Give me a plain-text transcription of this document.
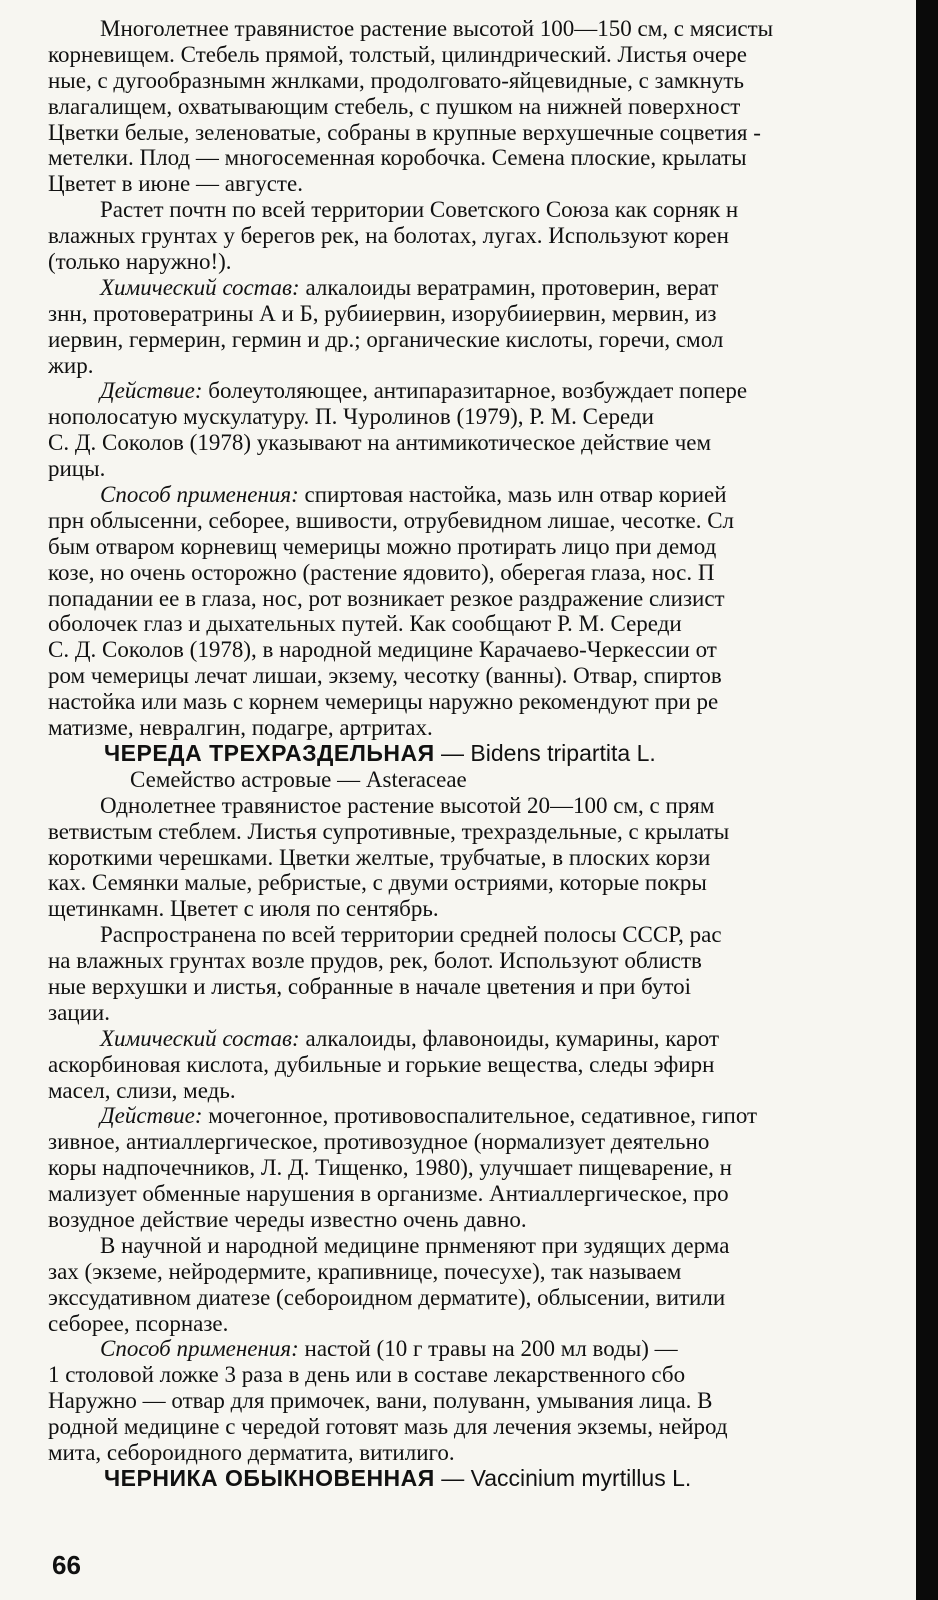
Многолетнее травянистое растение высотой 100—150 см, с мясисты
корневищем. Стебель прямой, толстый, цилиндрический. Листья очере
ные, с дугообразнымн жнлками, продолговато-яйцевидные, с замкнуть
влагалищем, охватывающим стебель, с пушком на нижней поверхност
Цветки белые, зеленоватые, собраны в крупные верхушечные соцветия -
метелки. Плод — многосеменная коробочка. Семена плоские, крылаты
Цветет в июне — августе.
Растет почтн по всей территории Советского Союза как сорняк н
влажных грунтах у берегов рек, на болотах, лугах. Используют корен
(только наружно!).
Химический состав: алкалоиды вератрамин, протоверин, верат
знн, протовератрины А и Б, рубииервин, изорубииервин, мервин, из
иервин, гермерин, гермин и др.; органические кислоты, горечи, смол
жир.
Действие: болеутоляющее, антипаразитарное, возбуждает попере
нополосатую мускулатуру. П. Чуролинов (1979), Р. М. Середи
С. Д. Соколов (1978) указывают на антимикотическое действие чем
рицы.
Способ применения: спиртовая настойка, мазь илн отвар корией
прн облысенни, себорее, вшивости, отрубевидном лишае, чесотке. Сл
бым отваром корневищ чемерицы можно протирать лицо при демод
козе, но очень осторожно (растение ядовито), оберегая глаза, нос. П
попадании ее в глаза, нос, рот возникает резкое раздражение слизист
оболочек глаз и дыхательных путей. Как сообщают Р. М. Середи
С. Д. Соколов (1978), в народной медицине Карачаево-Черкессии от
ром чемерицы лечат лишаи, экзему, чесотку (ванны). Отвар, спиртов
настойка или мазь с корнем чемерицы наружно рекомендуют при ре
матизме, невралгин, подагре, артритах.
ЧЕРЕДА ТРЕХРАЗДЕЛЬНАЯ — Bidens tripartita L.
Семейство астровые — Asteraceae
Однолетнее травянистое растение высотой 20—100 см, с прям
ветвистым стеблем. Листья супротивные, трехраздельные, с крылаты
короткими черешками. Цветки желтые, трубчатые, в плоских корзи
ках. Семянки малые, ребристые, с двуми остриями, которые покры
щетинкамн. Цветет с июля по сентябрь.
Распространена по всей территории средней полосы СССР, рас
на влажных грунтах возле прудов, рек, болот. Используют облиств
ные верхушки и листья, собранные в начале цветения и при бутоі
зации.
Химический состав: алкалоиды, флавоноиды, кумарины, карот
аскорбиновая кислота, дубильные и горькие вещества, следы эфирн
масел, слизи, медь.
Действие: мочегонное, противовоспалительное, седативное, гипот
зивное, антиаллергическое, противозудное (нормализует деятельно
коры надпочечников, Л. Д. Тищенко, 1980), улучшает пищеварение, н
мализует обменные нарушения в организме. Антиаллергическое, про
возудное действие череды известно очень давно.
В научной и народной медицине прнменяют при зудящих дерма
зах (экземе, нейродермите, крапивнице, почесухе), так называем
экссудативном диатезе (себороидном дерматите), облысении, витили
себорее, псорназе.
Способ применения: настой (10 г травы на 200 мл воды) —
1 столовой ложке 3 раза в день или в составе лекарственного сбо
Наружно — отвар для примочек, вани, полуванн, умывания лица. В
родной медицине с чередой готовят мазь для лечения экземы, нейрод
мита, себороидного дерматита, витилиго.
ЧЕРНИКА ОБЫКНОВЕННАЯ — Vaccinium myrtillus L.
66
